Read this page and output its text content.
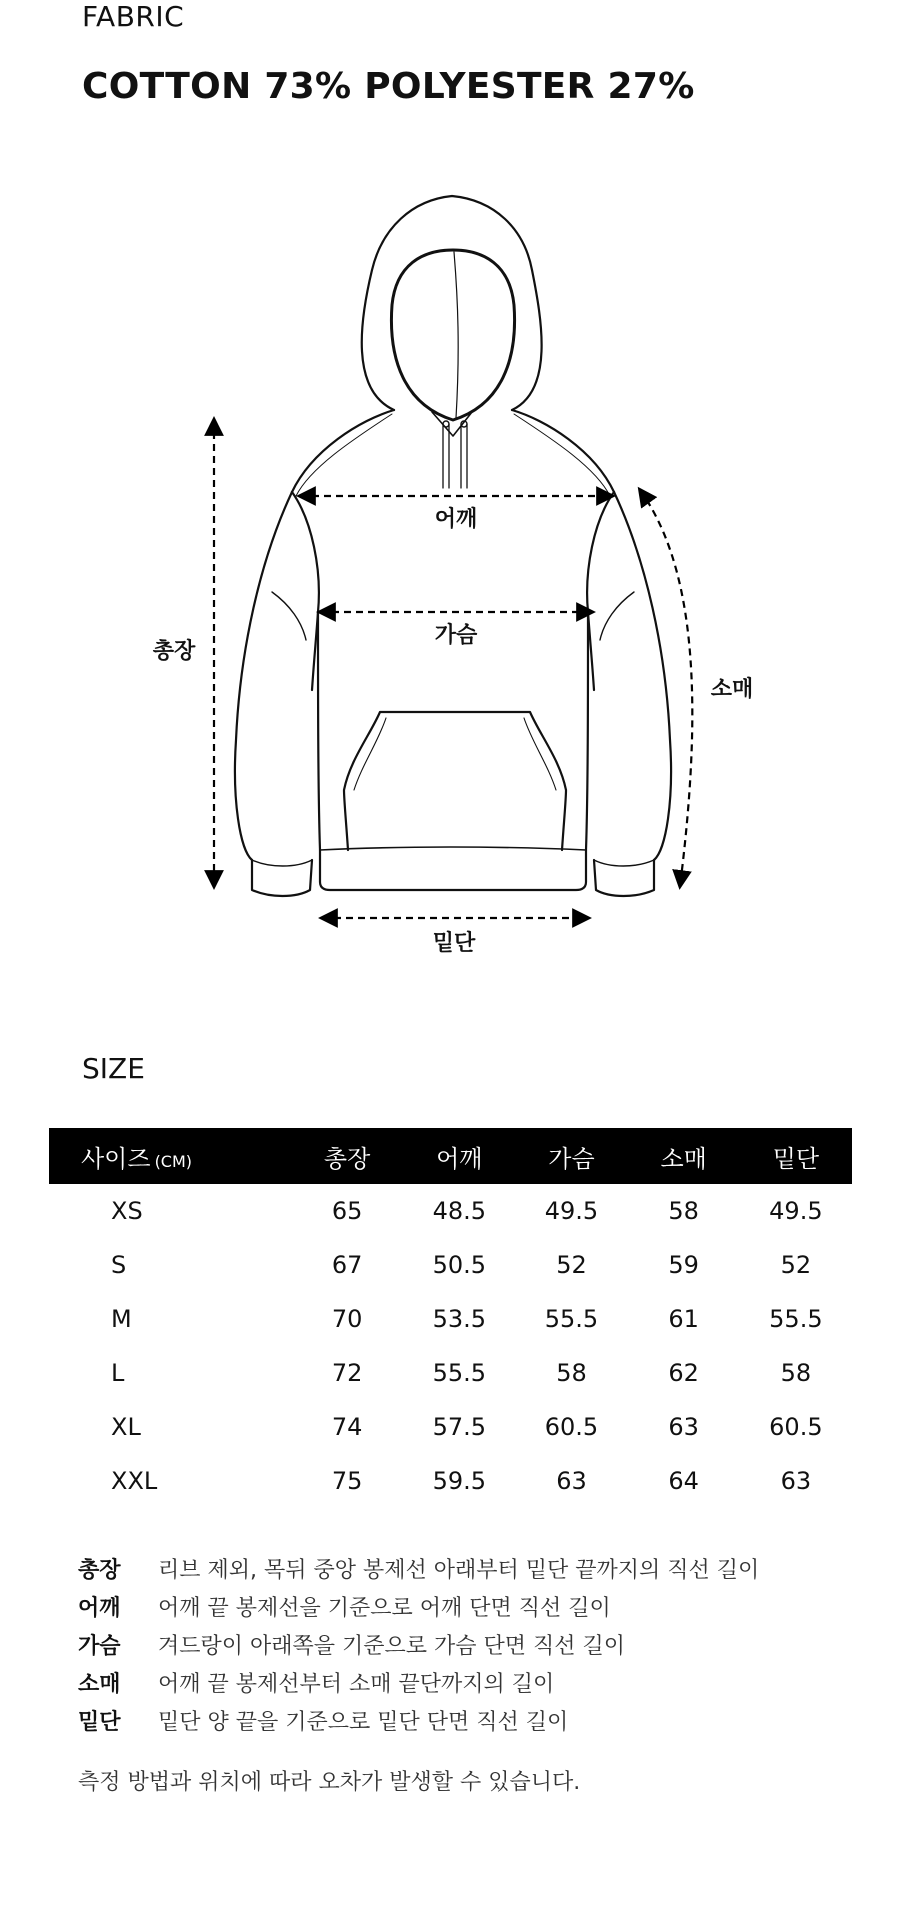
FABRIC
COTTON 73% POLYESTER 27%
총장
어깨
가슴
소매
밑단
SIZE
사이즈 (CM)	총장	어깨	가슴	소매	밑단
XS	65	48.5	49.5	58	49.5
S	67	50.5	52	59	52
M	70	53.5	55.5	61	55.5
L	72	55.5	58	62	58
XL	74	57.5	60.5	63	60.5
XXL	75	59.5	63	64	63
총장 리브 제외, 목뒤 중앙 봉제선 아래부터 밑단 끝까지의 직선 길이
어깨 어깨 끝 봉제선을 기준으로 어깨 단면 직선 길이
가슴 겨드랑이 아래쪽을 기준으로 가슴 단면 직선 길이
소매 어깨 끝 봉제선부터 소매 끝단까지의 길이
밑단 밑단 양 끝을 기준으로 밑단 단면 직선 길이
측정 방법과 위치에 따라 오차가 발생할 수 있습니다.
